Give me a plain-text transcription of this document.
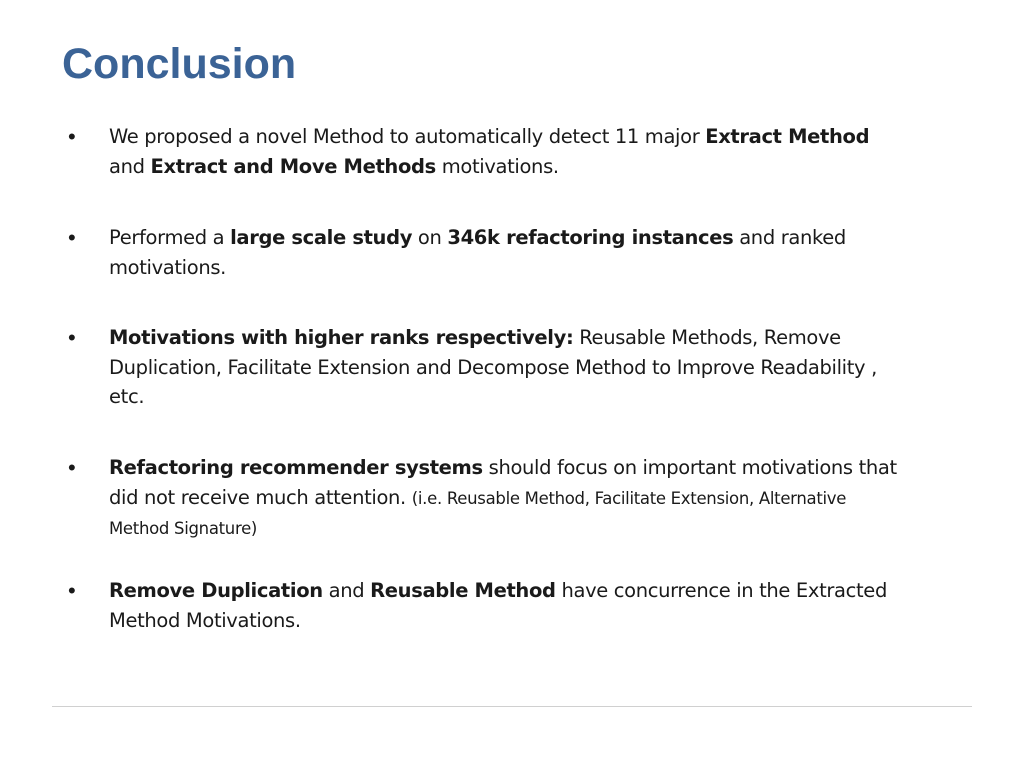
Conclusion
• We proposed a novel Method to automatically detect 11 major Extract Method and Extract and Move Methods motivations.
• Performed a large scale study on 346k refactoring instances and ranked motivations.
• Motivations with higher ranks respectively: Reusable Methods, Remove Duplication, Facilitate Extension and Decompose Method to Improve Readability , etc.
• Refactoring recommender systems should focus on important motivations that did not receive much attention. (i.e. Reusable Method, Facilitate Extension, Alternative Method Signature)
• Remove Duplication and Reusable Method have concurrence in the Extracted Method Motivations.
